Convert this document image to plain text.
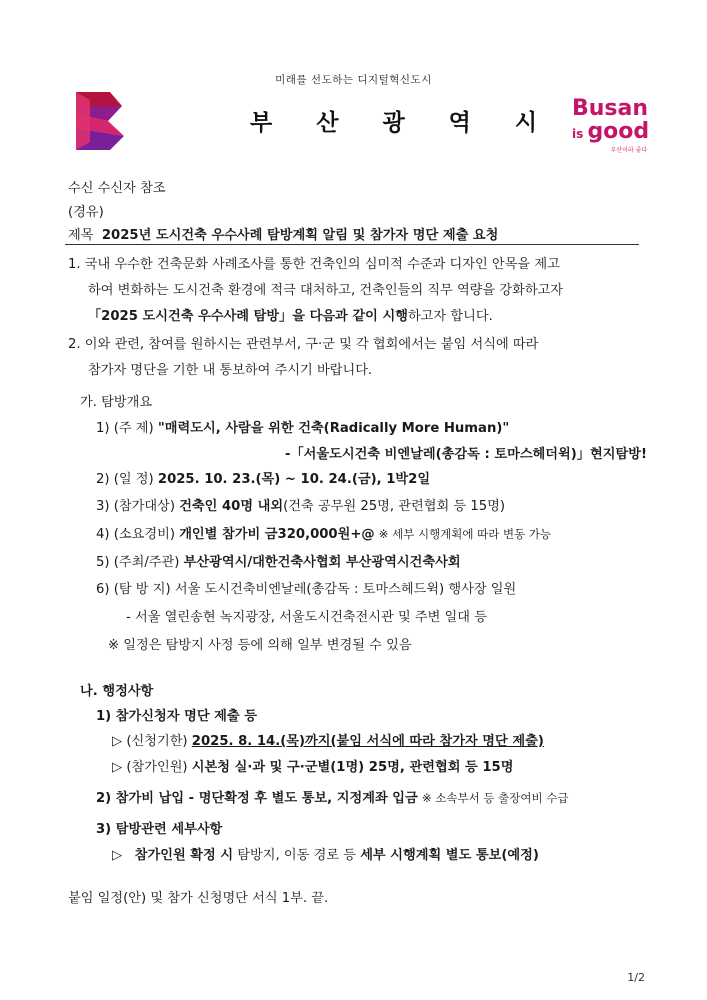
미래를 선도하는 디지털혁신도시
부 산 광 역 시
Busan
is good
부산이라 좋다
수신 수신자 참조
(경유)
제목 2025년 도시건축 우수사례 탐방계획 알림 및 참가자 명단 제출 요청
1. 국내 우수한 건축문화 사례조사를 통한 건축인의 심미적 수준과 디자인 안목을 제고
하여 변화하는 도시건축 환경에 적극 대처하고, 건축인들의 직무 역량을 강화하고자
「2025 도시건축 우수사례 탐방」을 다음과 같이 시행하고자 합니다.
2. 이와 관련, 참여를 원하시는 관련부서, 구·군 및 각 협회에서는 붙임 서식에 따라
참가자 명단을 기한 내 통보하여 주시기 바랍니다.
가. 탐방개요
1) (주 제) "매력도시, 사람을 위한 건축(Radically More Human)"
-「서울도시건축 비엔날레(총감독 : 토마스헤더윅)」현지탐방!
2) (일 정) 2025. 10. 23.(목) ~ 10. 24.(금), 1박2일
3) (참가대상) 건축인 40명 내외(건축 공무원 25명, 관련협회 등 15명)
4) (소요경비) 개인별 참가비 금320,000원+@ ※ 세부 시행계획에 따라 변동 가능
5) (주최/주관) 부산광역시/대한건축사협회 부산광역시건축사회
6) (탐 방 지) 서울 도시건축비엔날레(총감독 : 토마스헤드윅) 행사장 일원
- 서울 열린송현 녹지광장, 서울도시건축전시관 및 주변 일대 등
※ 일정은 탐방지 사정 등에 의해 일부 변경될 수 있음
나. 행정사항
1) 참가신청자 명단 제출 등
▷ (신청기한) 2025. 8. 14.(목)까지(붙임 서식에 따라 참가자 명단 제출)
▷ (참가인원) 시본청 실·과 및 구·군별(1명) 25명, 관련협회 등 15명
2) 참가비 납입 - 명단확정 후 별도 통보, 지정계좌 입금 ※ 소속부서 등 출장여비 수급
3) 탐방관련 세부사항
▷ 참가인원 확정 시 탐방지, 이동 경로 등 세부 시행계획 별도 통보(예정)
붙임 일정(안) 및 참가 신청명단 서식 1부. 끝.
1/2
